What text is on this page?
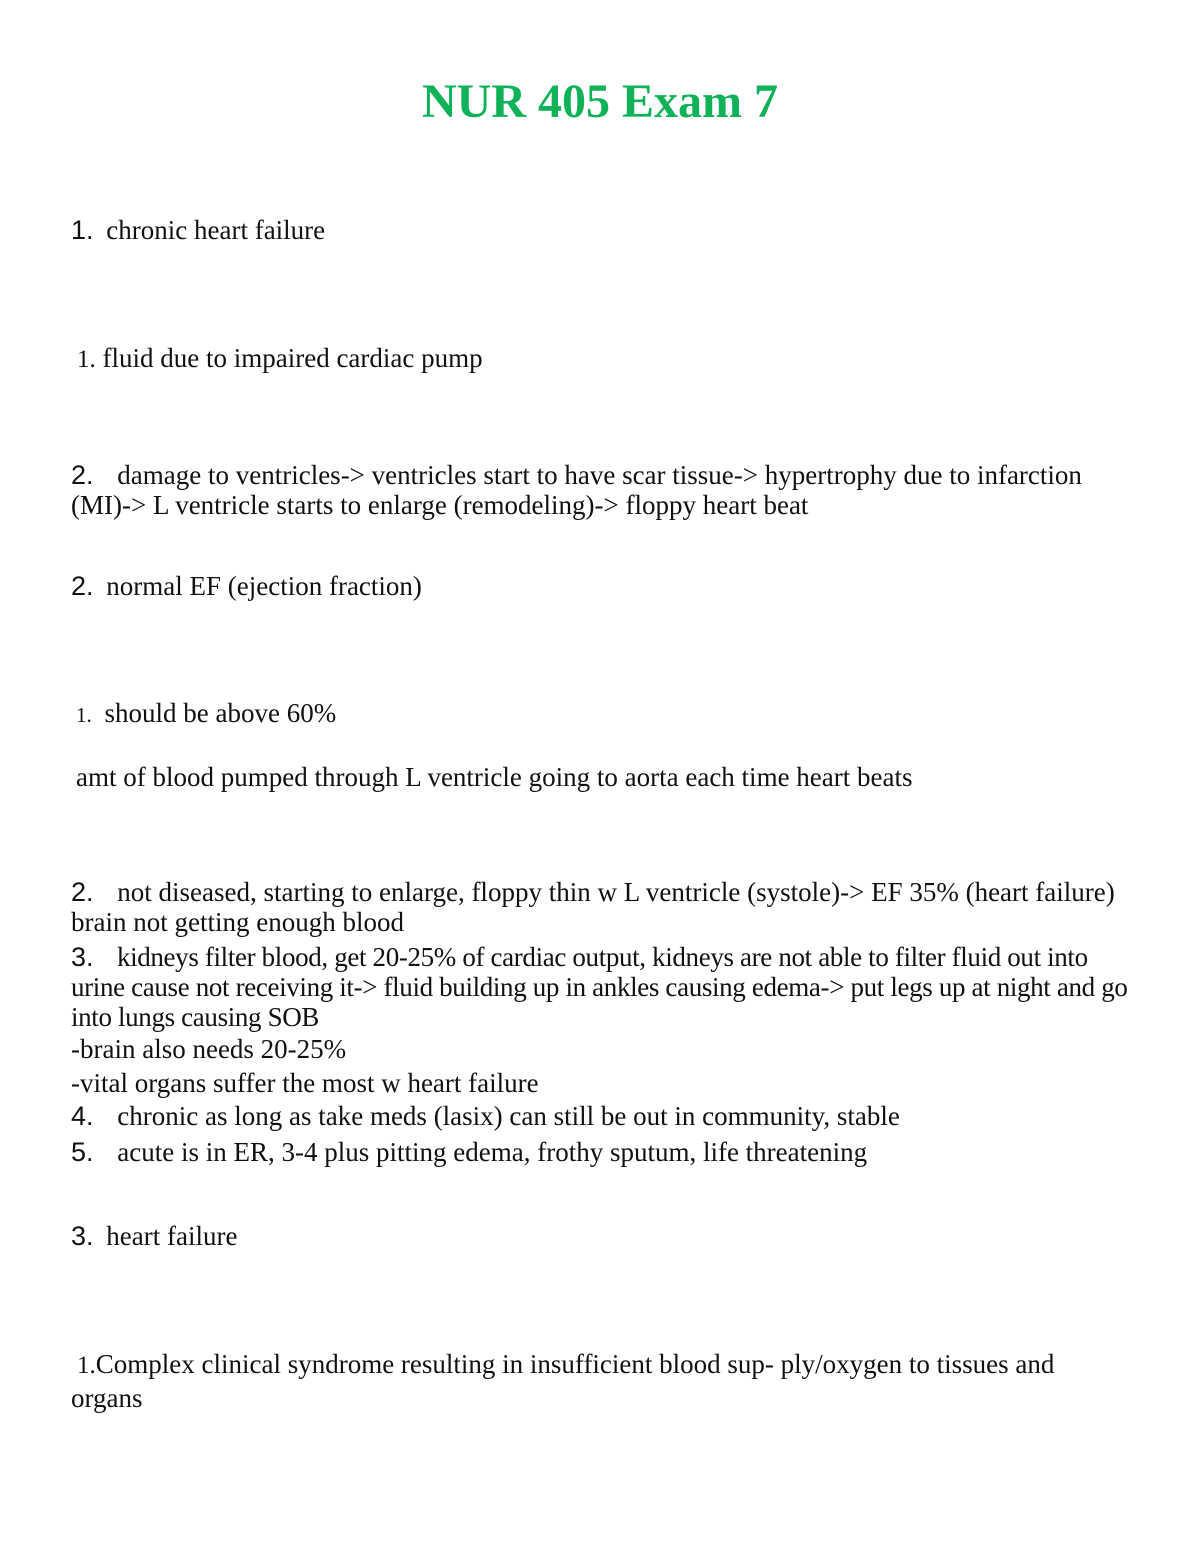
NUR 405 Exam 7
1. chronic heart failure
1. fluid due to impaired cardiac pump
2. damage to ventricles-> ventricles start to have scar tissue-> hypertrophy due to infarction (MI)-> L ventricle starts to enlarge (remodeling)-> floppy heart beat
2. normal EF (ejection fraction)
1. should be above 60%
amt of blood pumped through L ventricle going to aorta each time heart beats
2. not diseased, starting to enlarge, floppy thin w L ventricle (systole)-> EF 35% (heart failure) brain not getting enough blood
3. kidneys filter blood, get 20-25% of cardiac output, kidneys are not able to filter fluid out into urine cause not receiving it-> fluid building up in ankles causing edema-> put legs up at night and go into lungs causing SOB
-brain also needs 20-25%
-vital organs suffer the most w heart failure
4. chronic as long as take meds (lasix) can still be out in community, stable
5. acute is in ER, 3-4 plus pitting edema, frothy sputum, life threatening
3. heart failure
1.Complex clinical syndrome resulting in insufficient blood sup- ply/oxygen to tissues and organs
